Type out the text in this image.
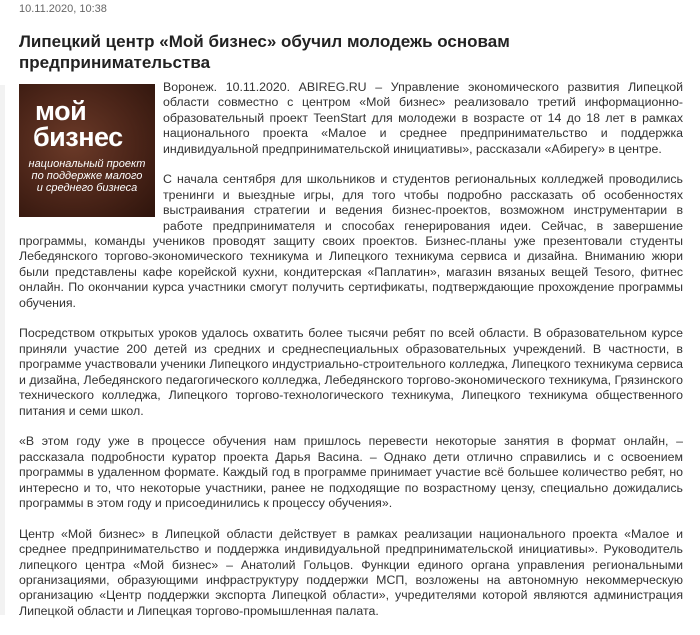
10.11.2020, 10:38
Липецкий центр «Мой бизнес» обучил молодежь основам предпринимательства
мой
бизнес
национальный проект
по поддержке малого
и среднего бизнеса

Воронеж. 10.11.2020. ABIREG.RU – Управление экономического развития Липецкой области совместно с центром «Мой бизнес» реализовало третий информационно-образовательный проект TeenStart для молодежи в возрасте от 14 до 18 лет в рамках национального проекта «Малое и среднее предпринимательство и поддержка индивидуальной предпринимательской инициативы», рассказали «Абирегу» в центре.

С начала сентября для школьников и студентов региональных колледжей проводились тренинги и выездные игры, для того чтобы подробно рассказать об особенностях выстраивания стратегии и ведения бизнес-проектов, возможном инструментарии в работе предпринимателя и способах генерирования идеи. Сейчас, в завершение программы, команды учеников проводят защиту своих проектов. Бизнес-планы уже презентовали студенты Лебедянского торгово-экономического техникума и Липецкого техникума сервиса и дизайна. Вниманию жюри были представлены кафе корейской кухни, кондитерская «Паплатин», магазин вязаных вещей Tesoro, фитнес онлайн. По окончании курса участники смогут получить сертификаты, подтверждающие прохождение программы обучения.

Посредством открытых уроков удалось охватить более тысячи ребят по всей области. В образовательном курсе приняли участие 200 детей из средних и среднеспециальных образовательных учреждений. В частности, в программе участвовали ученики Липецкого индустриально-строительного колледжа, Липецкого техникума сервиса и дизайна, Лебедянского педагогического колледжа, Лебедянского торгово-экономического техникума, Грязинского технического колледжа, Липецкого торгово-технологического техникума, Липецкого техникума общественного питания и семи школ.

«В этом году уже в процессе обучения нам пришлось перевести некоторые занятия в формат онлайн, – рассказала подробности куратор проекта Дарья Васина. – Однако дети отлично справились и с освоением программы в удаленном формате. Каждый год в программе принимает участие всё большее количество ребят, но интересно и то, что некоторые участники, ранее не подходящие по возрастному цензу, специально дожидались программы в этом году и присоединились к процессу обучения».

Центр «Мой бизнес» в Липецкой области действует в рамках реализации национального проекта «Малое и среднее предпринимательство и поддержка индивидуальной предпринимательской инициативы». Руководитель липецкого центра «Мой бизнес» – Анатолий Гольцов. Функции единого органа управления региональными организациями, образующими инфраструктуру поддержки МСП, возложены на автономную некоммерческую организацию «Центр поддержки экспорта Липецкой области», учредителями которой являются администрация Липецкой области и Липецкая торгово-промышленная палата.
